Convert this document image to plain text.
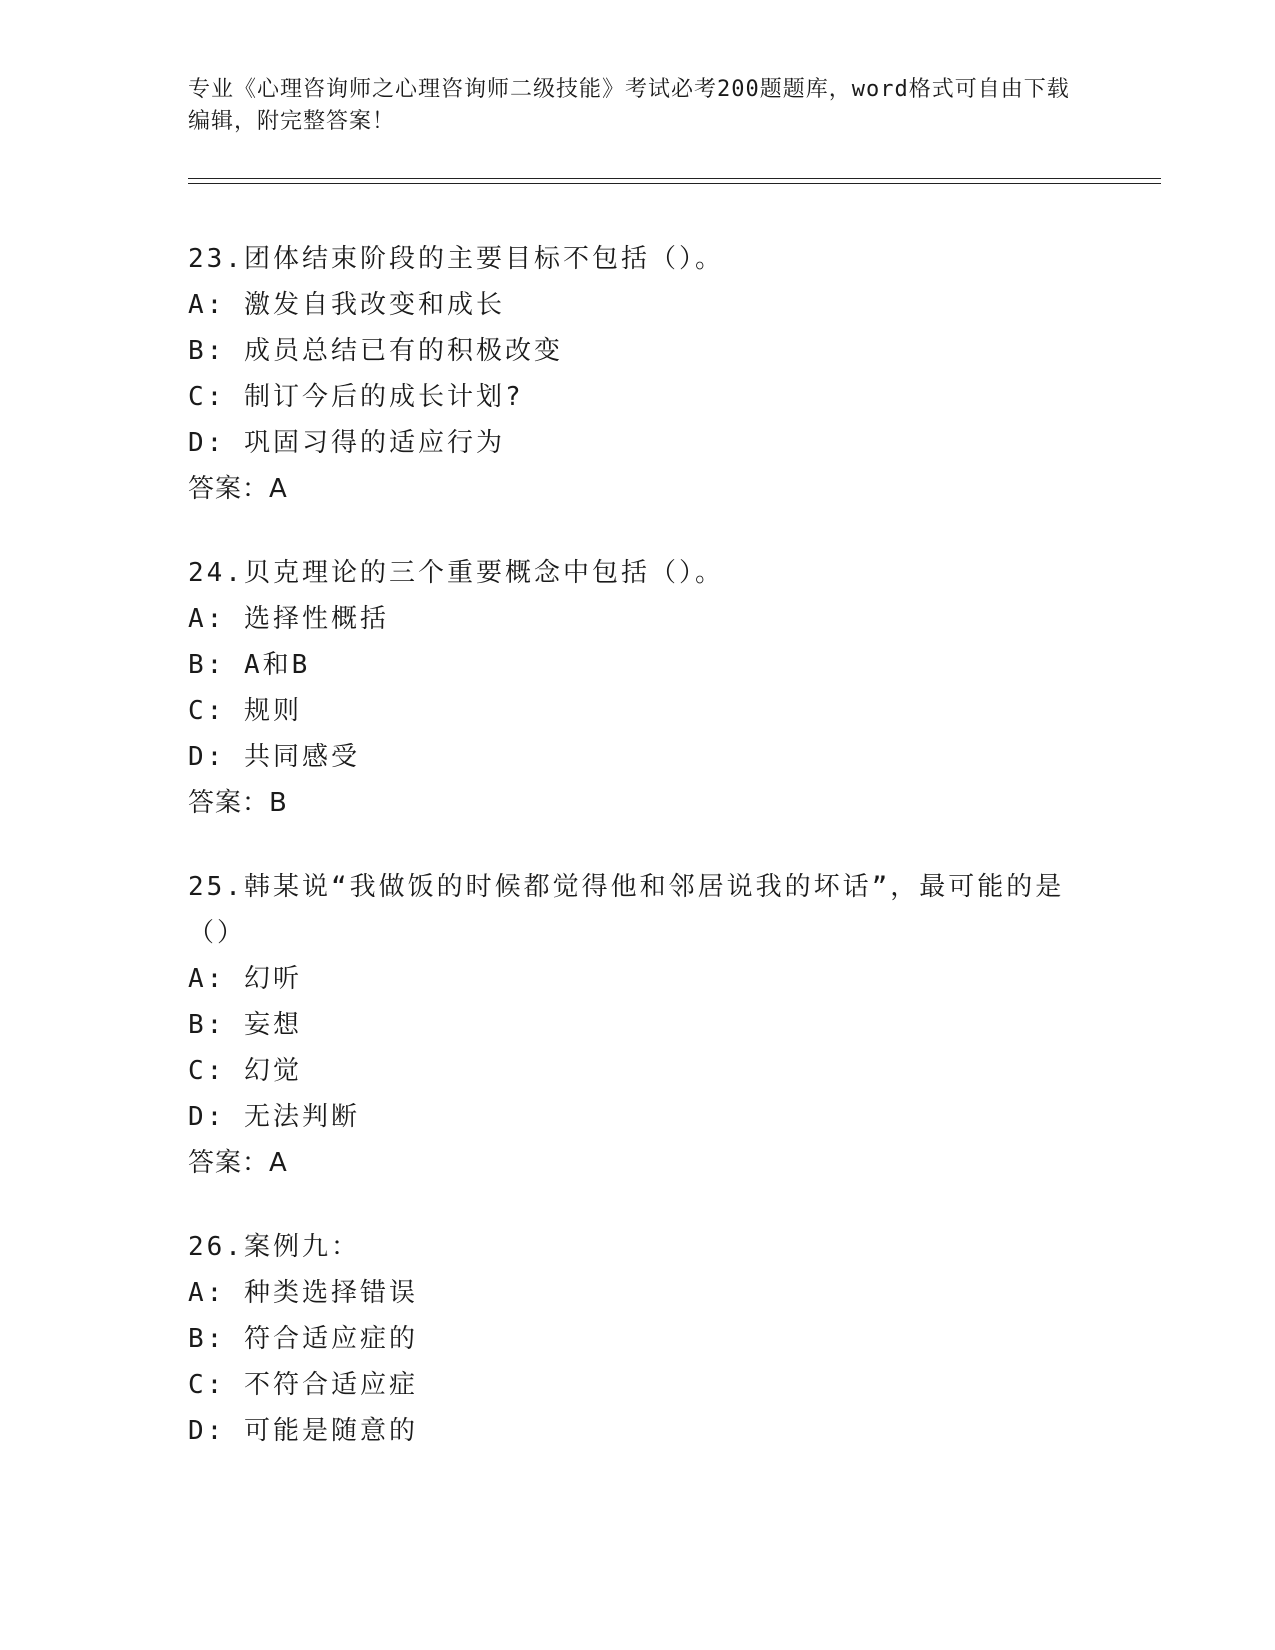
专业《心理咨询师之心理咨询师二级技能》考试必考200题题库，word格式可自由下载编辑，附完整答案！
23.团体结束阶段的主要目标不包括（）。
A: 激发自我改变和成长
B: 成员总结已有的积极改变
C: 制订今后的成长计划?
D: 巩固习得的适应行为
答案：A
24.贝克理论的三个重要概念中包括（）。
A: 选择性概括
B: A和B
C: 规则
D: 共同感受
答案：B
25.韩某说“我做饭的时候都觉得他和邻居说我的坏话”，最可能的是（）
A: 幻听
B: 妄想
C: 幻觉
D: 无法判断
答案：A
26.案例九：
A: 种类选择错误
B: 符合适应症的
C: 不符合适应症
D: 可能是随意的
